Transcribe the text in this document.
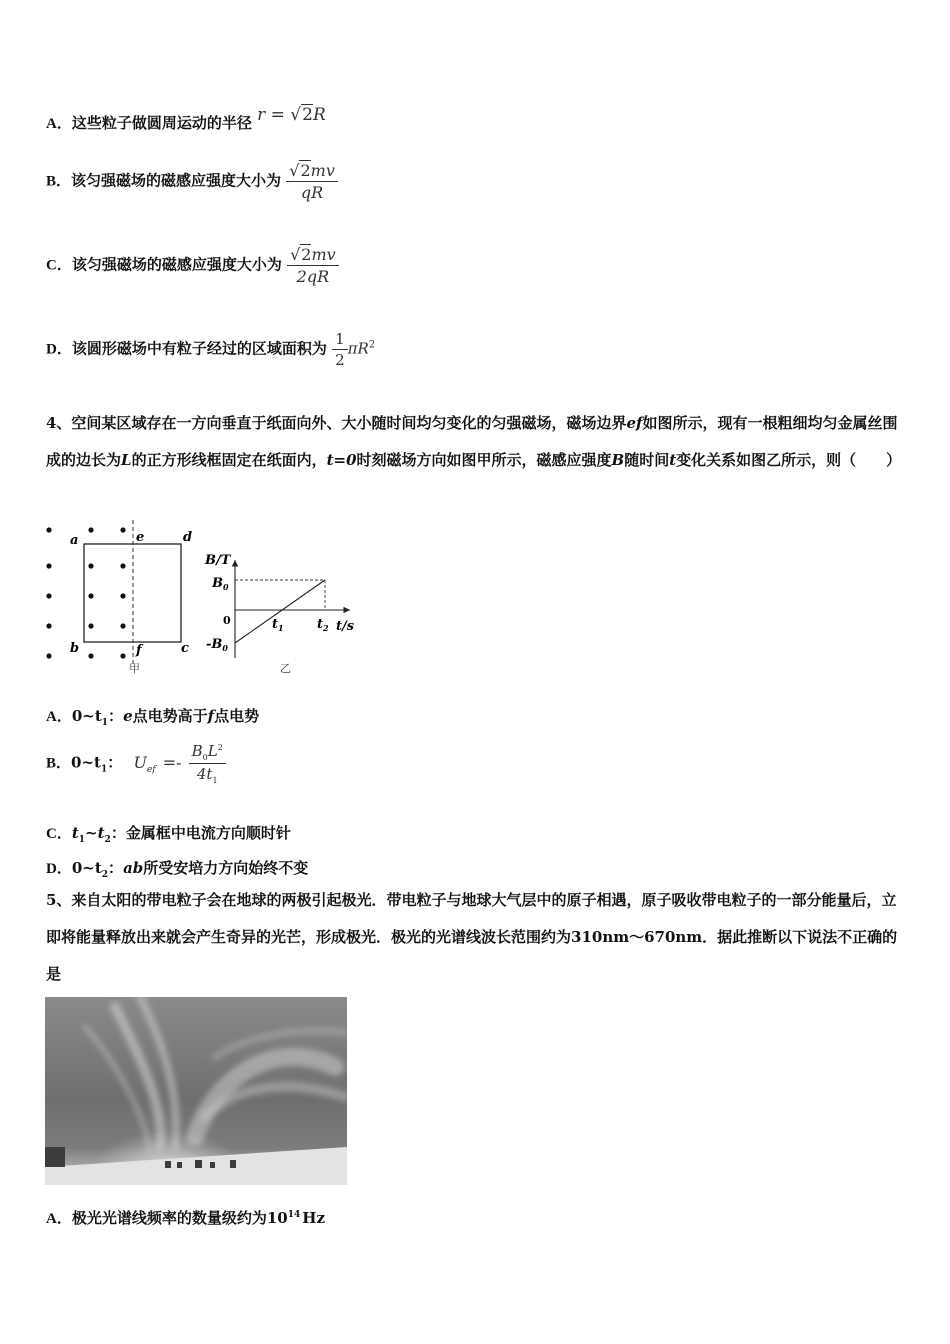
A．这些粒子做圆周运动的半径 r = √2R
B．该匀强磁场的磁感应强度大小为 $\frac{√2mv}{qR}$
C．该匀强磁场的磁感应强度大小为 $\frac{√2mv}{2qR}$
D．该圆形磁场中有粒子经过的区域面积为 $\frac{1}{2} \pi R^2$
4、空间某区域存在一方向垂直于纸面向外、大小随时间均匀变化的匀强磁场，磁场边界ef如图所示，现有一根粗细均匀金属丝围成的边长为L的正方形线框固定在纸面内，t=0时刻磁场方向如图甲所示，磁感应强度B随时间t变化关系如图乙所示，则（　　）
a	e	d
b	f	c
甲
B/T
$B_0$
0
$-B_0$
$t_1$	$t_2$ t/s
乙
A．$0\sim t_1$：e点电势高于f点电势
B．$0\sim t_1$： $U_{ef} =- \frac{B_0L^2}{4t_1}$
C．$t_1\sim t_2$：金属框中电流方向顺时针
D．$0\sim t_2$：ab所受安培力方向始终不变
5、来自太阳的带电粒子会在地球的两极引起极光．带电粒子与地球大气层中的原子相遇，原子吸收带电粒子的一部分能量后，立即将能量释放出来就会产生奇异的光芒，形成极光．极光的光谱线波长范围约为310nm～670nm．据此推断以下说法不正确的是
A．极光光谱线频率的数量级约为$10^{14}$ Hz
